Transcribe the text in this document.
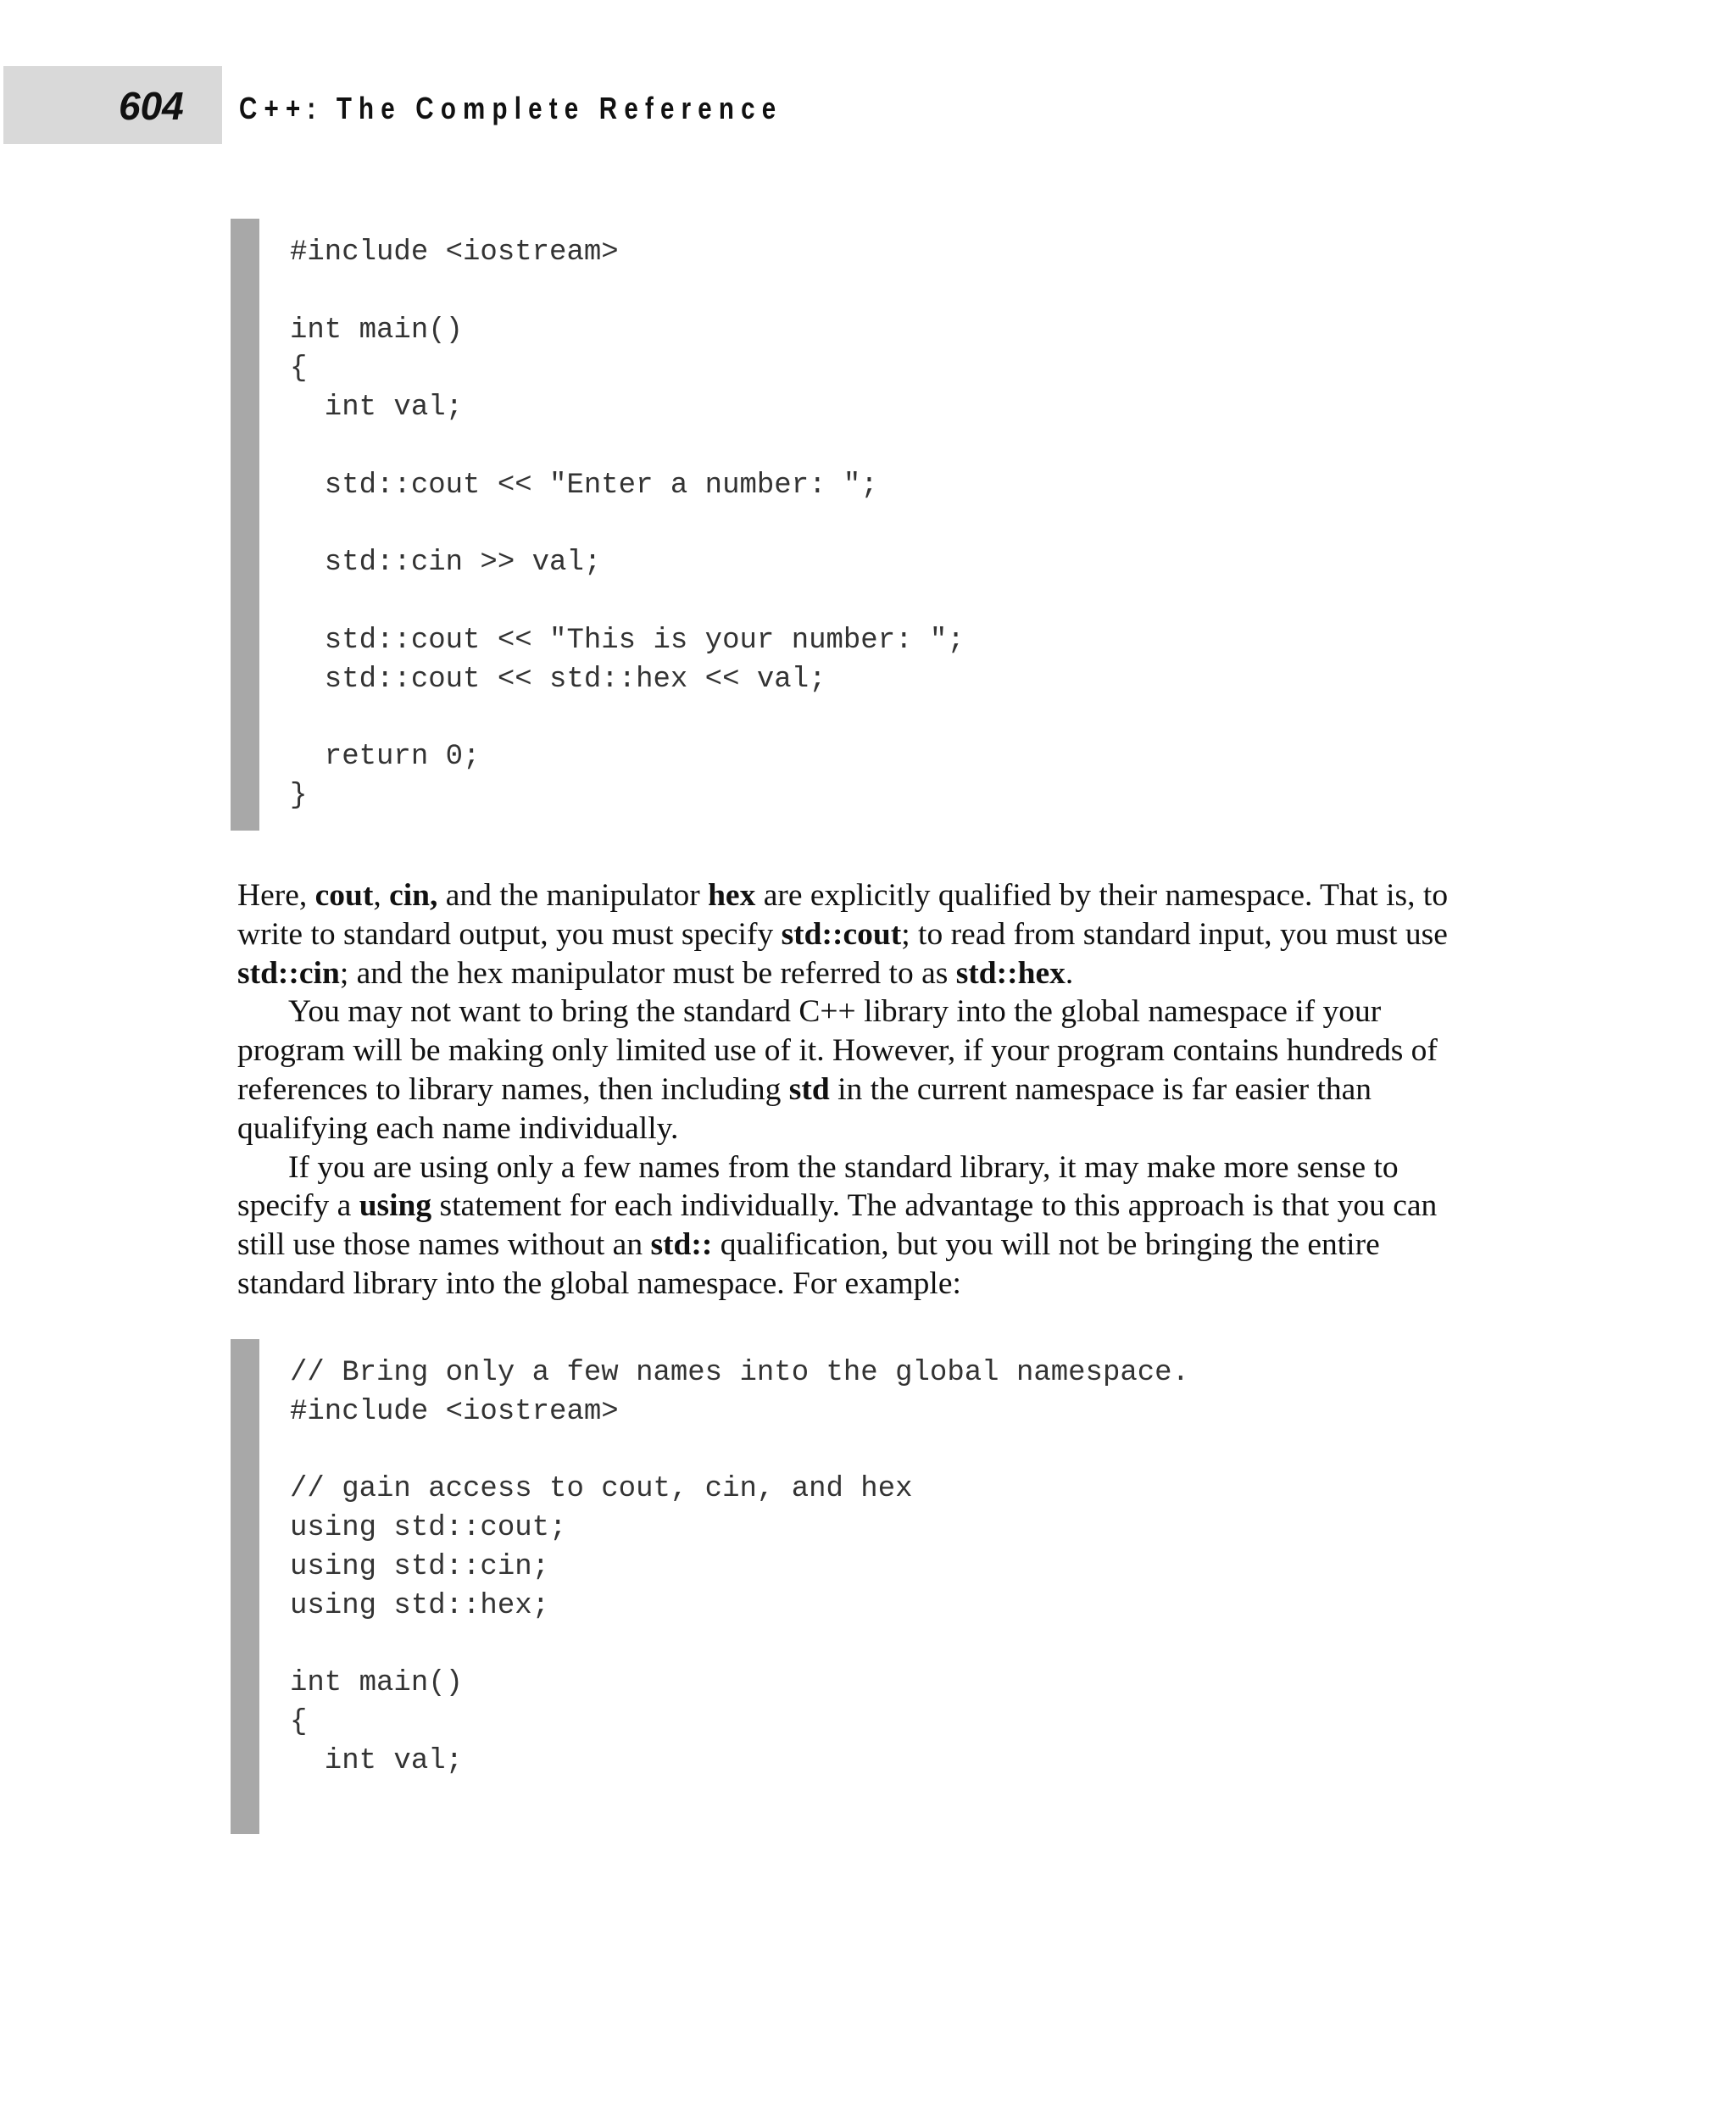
604 C++: The Complete Reference
#include <iostream>

int main()
{
int val;

std::cout << "Enter a number: ";

std::cin >> val;

std::cout << "This is your number: ";
std::cout << std::hex << val;

return 0;
}

Here, cout, cin, and the manipulator hex are explicitly qualified by their namespace. That is, to write to standard output, you must specify std::cout; to read from standard input, you must use std::cin; and the hex manipulator must be referred to as std::hex.

You may not want to bring the standard C++ library into the global namespace if your program will be making only limited use of it. However, if your program contains hundreds of references to library names, then including std in the current namespace is far easier than qualifying each name individually.

If you are using only a few names from the standard library, it may make more sense to specify a using statement for each individually. The advantage to this approach is that you can still use those names without an std:: qualification, but you will not be bringing the entire standard library into the global namespace. For example:

// Bring only a few names into the global namespace.
#include <iostream>

// gain access to cout, cin, and hex
using std::cout;
using std::cin;
using std::hex;

int main()
{
int val;
